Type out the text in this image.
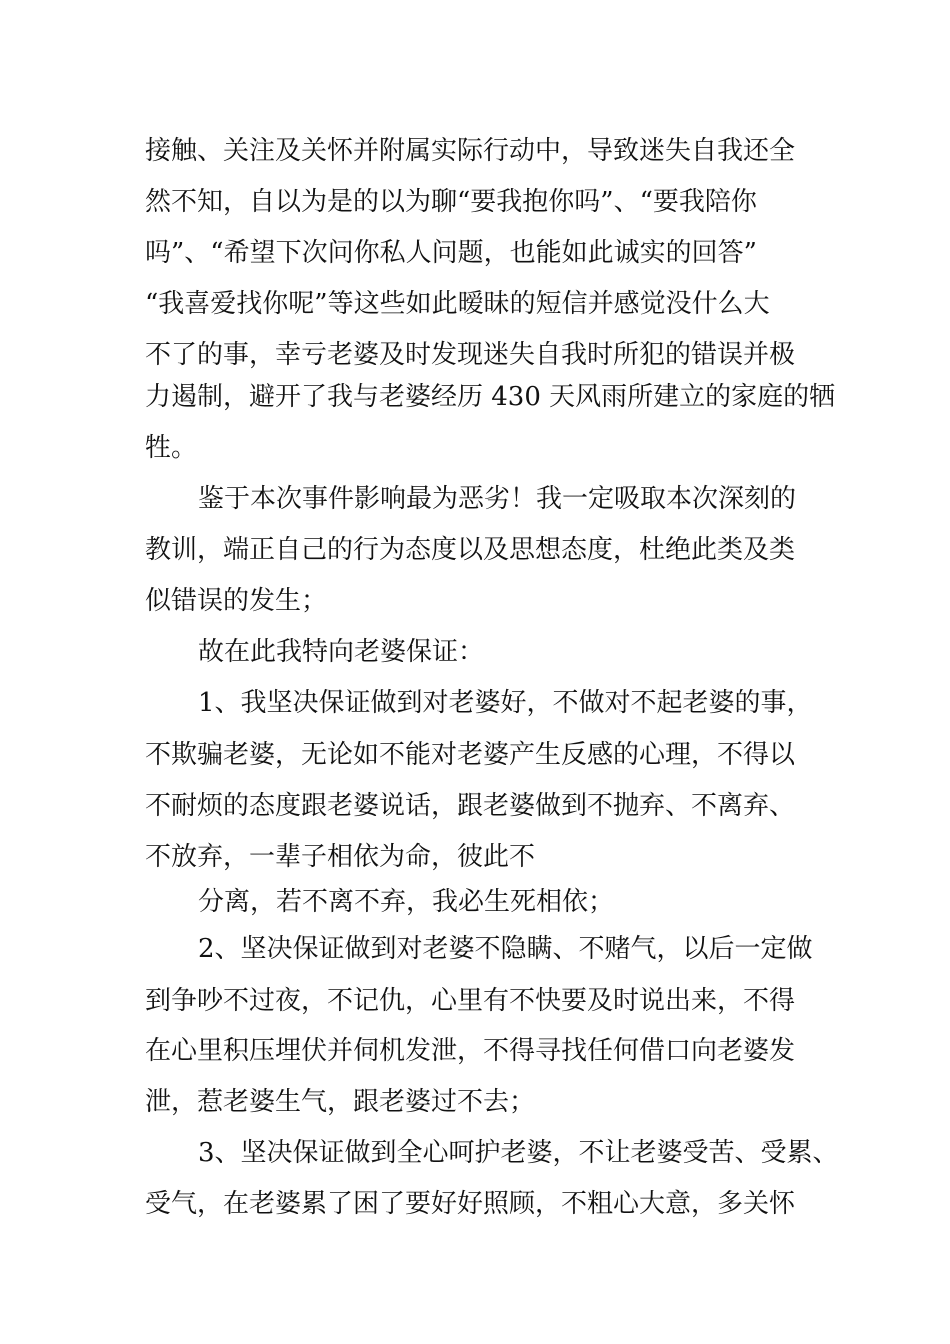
接触、关注及关怀并附属实际行动中，导致迷失自我还全
然不知，自以为是的以为聊“要我抱你吗”、“要我陪你
吗”、“希望下次问你私人问题，也能如此诚实的回答”
“我喜爱找你呢”等这些如此暧昧的短信并感觉没什么大
不了的事，幸亏老婆及时发现迷失自我时所犯的错误并极
力遏制，避开了我与老婆经历 430 天风雨所建立的家庭的牺
牲。
鉴于本次事件影响最为恶劣！我一定吸取本次深刻的
教训，端正自己的行为态度以及思想态度，杜绝此类及类
似错误的发生；
故在此我特向老婆保证：
1、我坚决保证做到对老婆好，不做对不起老婆的事，
不欺骗老婆，无论如不能对老婆产生反感的心理，不得以
不耐烦的态度跟老婆说话，跟老婆做到不抛弃、不离弃、
不放弃，一辈子相依为命，彼此不
分离，若不离不弃，我必生死相依；
2、坚决保证做到对老婆不隐瞒、不赌气，以后一定做
到争吵不过夜，不记仇，心里有不快要及时说出来，不得
在心里积压埋伏并伺机发泄，不得寻找任何借口向老婆发
泄，惹老婆生气，跟老婆过不去；
3、坚决保证做到全心呵护老婆，不让老婆受苦、受累、
受气，在老婆累了困了要好好照顾，不粗心大意，多关怀
